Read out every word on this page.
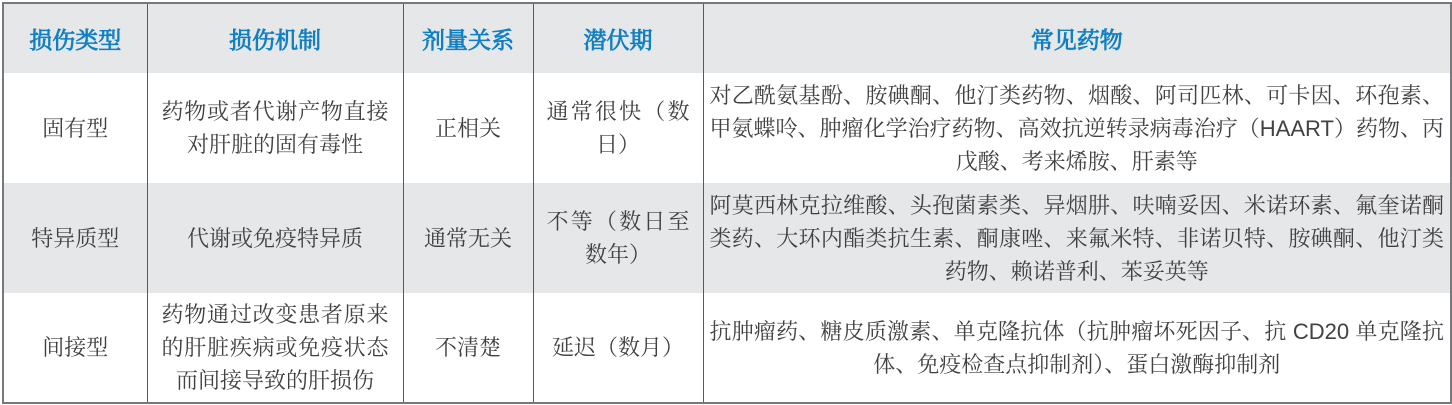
损伤类型	损伤机制	剂量关系	潜伏期	常见药物
固有型	药物或者代谢产物直接对肝脏的固有毒性	正相关	通常很快（数日）	对乙酰氨基酚、胺碘酮、他汀类药物、烟酸、阿司匹林、可卡因、环孢素、甲氨蝶呤、肿瘤化学治疗药物、高效抗逆转录病毒治疗（HAART）药物、丙戊酸、考来烯胺、肝素等
特异质型	代谢或免疫特异质	通常无关	不等（数日至数年）	阿莫西林克拉维酸、头孢菌素类、异烟肼、呋喃妥因、米诺环素、氟奎诺酮类药、大环内酯类抗生素、酮康唑、来氟米特、非诺贝特、胺碘酮、他汀类药物、赖诺普利、苯妥英等
间接型	药物通过改变患者原来的肝脏疾病或免疫状态而间接导致的肝损伤	不清楚	延迟（数月）	抗肿瘤药、糖皮质激素、单克隆抗体（抗肿瘤坏死因子、抗 CD20 单克隆抗体、免疫检查点抑制剂）、蛋白激酶抑制剂
